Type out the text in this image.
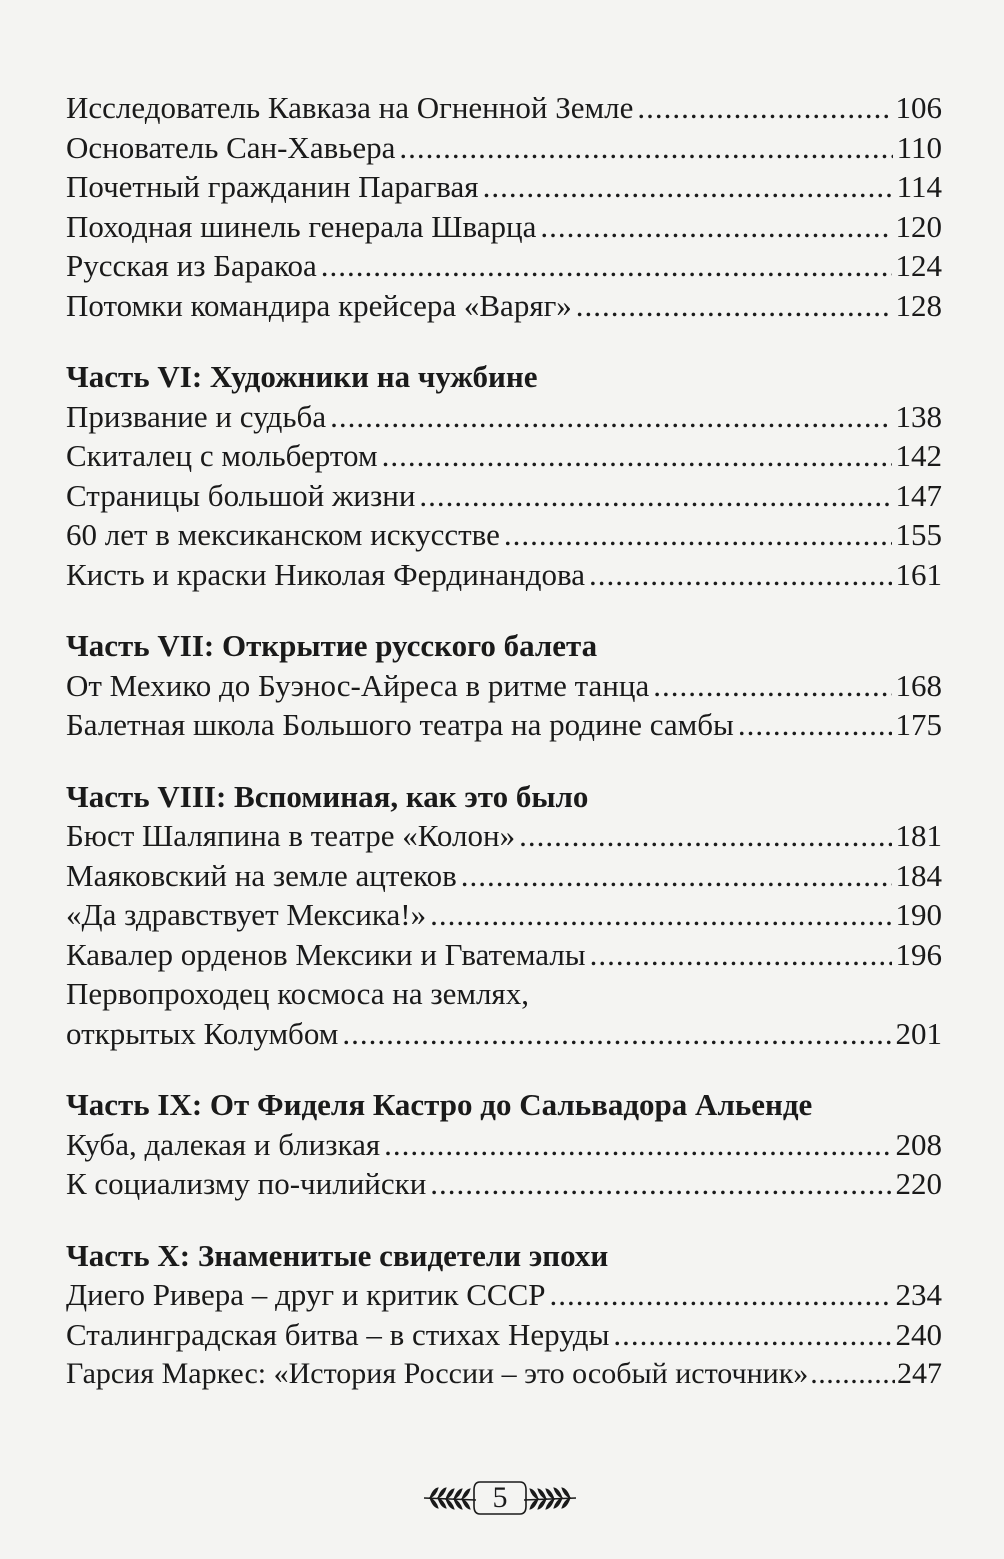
Исследователь Кавказа на Огненной Земле .....	106
Основатель Сан-Хавьера .....	110
Почетный гражданин Парагвая .....	114
Походная шинель генерала Шварца .....	120
Русская из Баракоа .....	124
Потомки командира крейсера «Варяг» .....	128
Часть VI: Художники на чужбине
Призвание и судьба .....	138
Скиталец с мольбертом .....	142
Страницы большой жизни .....	147
60 лет в мексиканском искусстве .....	155
Кисть и краски Николая Фердинандова .....	161
Часть VII: Открытие русского балета
От Мехико до Буэнос-Айреса в ритме танца .....	168
Балетная школа Большого театра на родине самбы .....	175
Часть VIII: Вспоминая, как это было
Бюст Шаляпина в театре «Колон» .....	181
Маяковский на земле ацтеков .....	184
«Да здравствует Мексика!» .....	190
Кавалер орденов Мексики и Гватемалы .....	196
Первопроходец космоса на землях,
открытых Колумбом .....	201
Часть IX: От Фиделя Кастро до Сальвадора Альенде
Куба, далекая и близкая .....	208
К социализму по-чилийски .....	220
Часть X: Знаменитые свидетели эпохи
Диего Ривера – друг и критик СССР .....	234
Сталинградская битва – в стихах Неруды .....	240
Гарсия Маркес: «История России – это особый источник» .....	247
5
